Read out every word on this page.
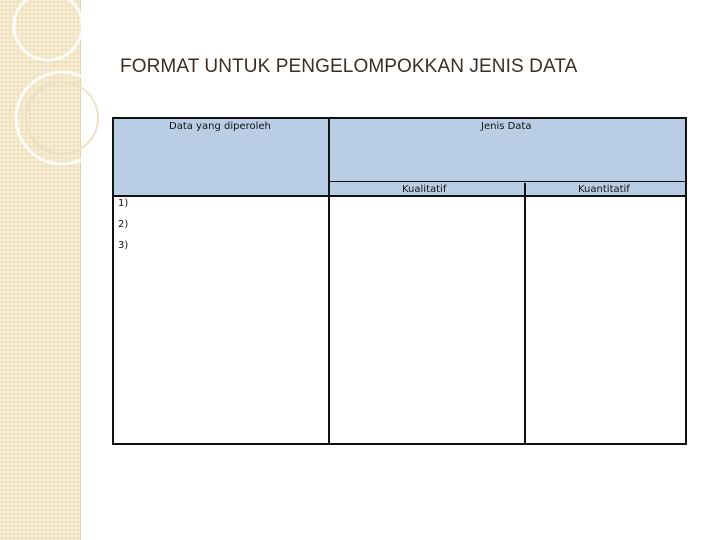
FORMAT UNTUK PENGELOMPOKKAN JENIS DATA
Data yang diperoleh	Jenis Data
Kualitatif	Kuantitatif
1)
2)
3)
